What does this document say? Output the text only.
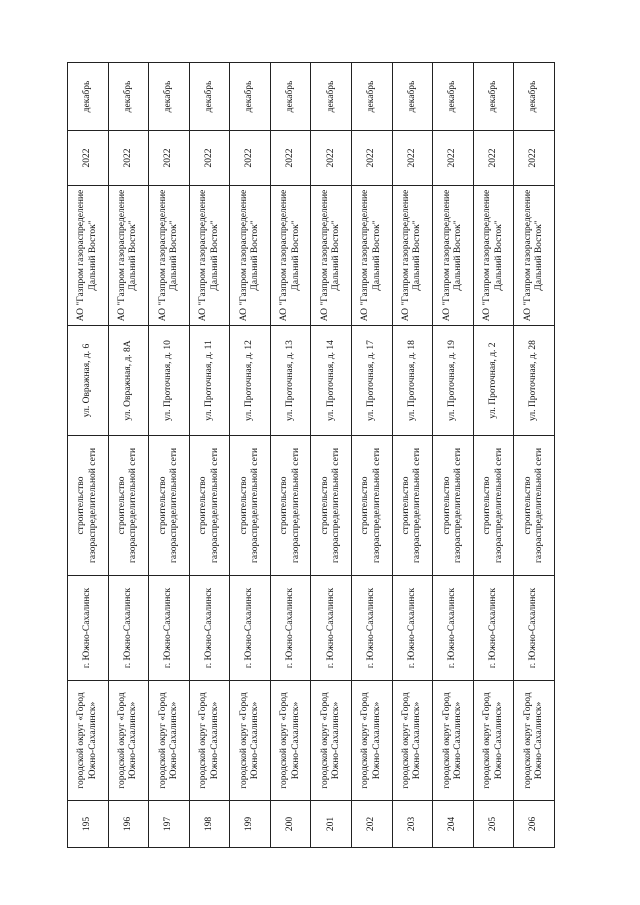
195	городской округ «Город Южно-Сахалинск»	г. Южно-Сахалинск	строительство газораспределительной сети	ул. Овражная, д. 6	АО "Газпром газораспределение Дальний Восток"	2022	декабрь
196	городской округ «Город Южно-Сахалинск»	г. Южно-Сахалинск	строительство газораспределительной сети	ул. Овражная, д. 8А	АО "Газпром газораспределение Дальний Восток"	2022	декабрь
197	городской округ «Город Южно-Сахалинск»	г. Южно-Сахалинск	строительство газораспределительной сети	ул. Проточная, д. 10	АО "Газпром газораспределение Дальний Восток"	2022	декабрь
198	городской округ «Город Южно-Сахалинск»	г. Южно-Сахалинск	строительство газораспределительной сети	ул. Проточная, д. 11	АО "Газпром газораспределение Дальний Восток"	2022	декабрь
199	городской округ «Город Южно-Сахалинск»	г. Южно-Сахалинск	строительство газораспределительной сети	ул. Проточная, д. 12	АО "Газпром газораспределение Дальний Восток"	2022	декабрь
200	городской округ «Город Южно-Сахалинск»	г. Южно-Сахалинск	строительство газораспределительной сети	ул. Проточная, д. 13	АО "Газпром газораспределение Дальний Восток"	2022	декабрь
201	городской округ «Город Южно-Сахалинск»	г. Южно-Сахалинск	строительство газораспределительной сети	ул. Проточная, д. 14	АО "Газпром газораспределение Дальний Восток"	2022	декабрь
202	городской округ «Город Южно-Сахалинск»	г. Южно-Сахалинск	строительство газораспределительной сети	ул. Проточная, д. 17	АО "Газпром газораспределение Дальний Восток"	2022	декабрь
203	городской округ «Город Южно-Сахалинск»	г. Южно-Сахалинск	строительство газораспределительной сети	ул. Проточная, д. 18	АО "Газпром газораспределение Дальний Восток"	2022	декабрь
204	городской округ «Город Южно-Сахалинск»	г. Южно-Сахалинск	строительство газораспределительной сети	ул. Проточная, д. 19	АО "Газпром газораспределение Дальний Восток"	2022	декабрь
205	городской округ «Город Южно-Сахалинск»	г. Южно-Сахалинск	строительство газораспределительной сети	ул. Проточная, д. 2	АО "Газпром газораспределение Дальний Восток"	2022	декабрь
206	городской округ «Город Южно-Сахалинск»	г. Южно-Сахалинск	строительство газораспределительной сети	ул. Проточная, д. 28	АО "Газпром газораспределение Дальний Восток"	2022	декабрь
